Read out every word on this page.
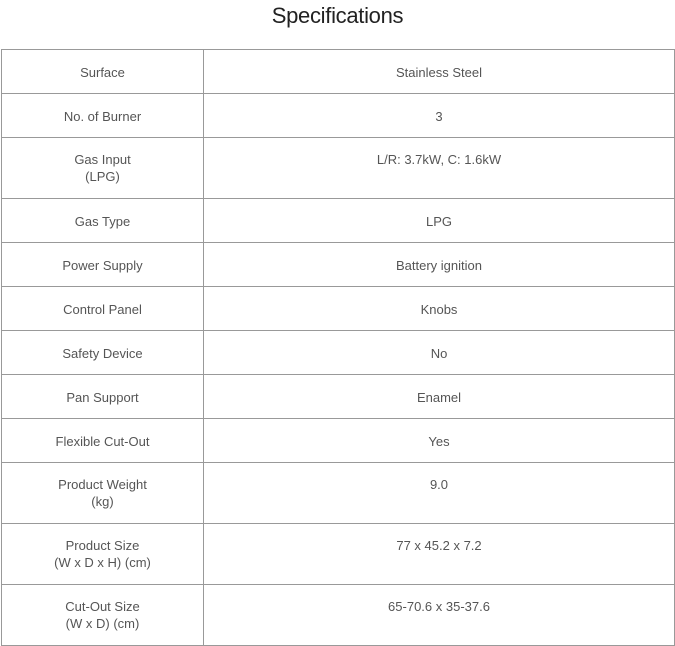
Specifications
Surface	Stainless Steel

No. of Burner	3

Gas Input
(LPG)	L/R: 3.7kW, C: 1.6kW

Gas Type	LPG

Power Supply	Battery ignition

Control Panel	Knobs

Safety Device	No

Pan Support	Enamel

Flexible Cut-Out	Yes

Product Weight
(kg)	9.0

Product Size
(W x D x H) (cm)	77 x 45.2 x 7.2

Cut-Out Size
(W x D) (cm)	65-70.6 x 35-37.6
